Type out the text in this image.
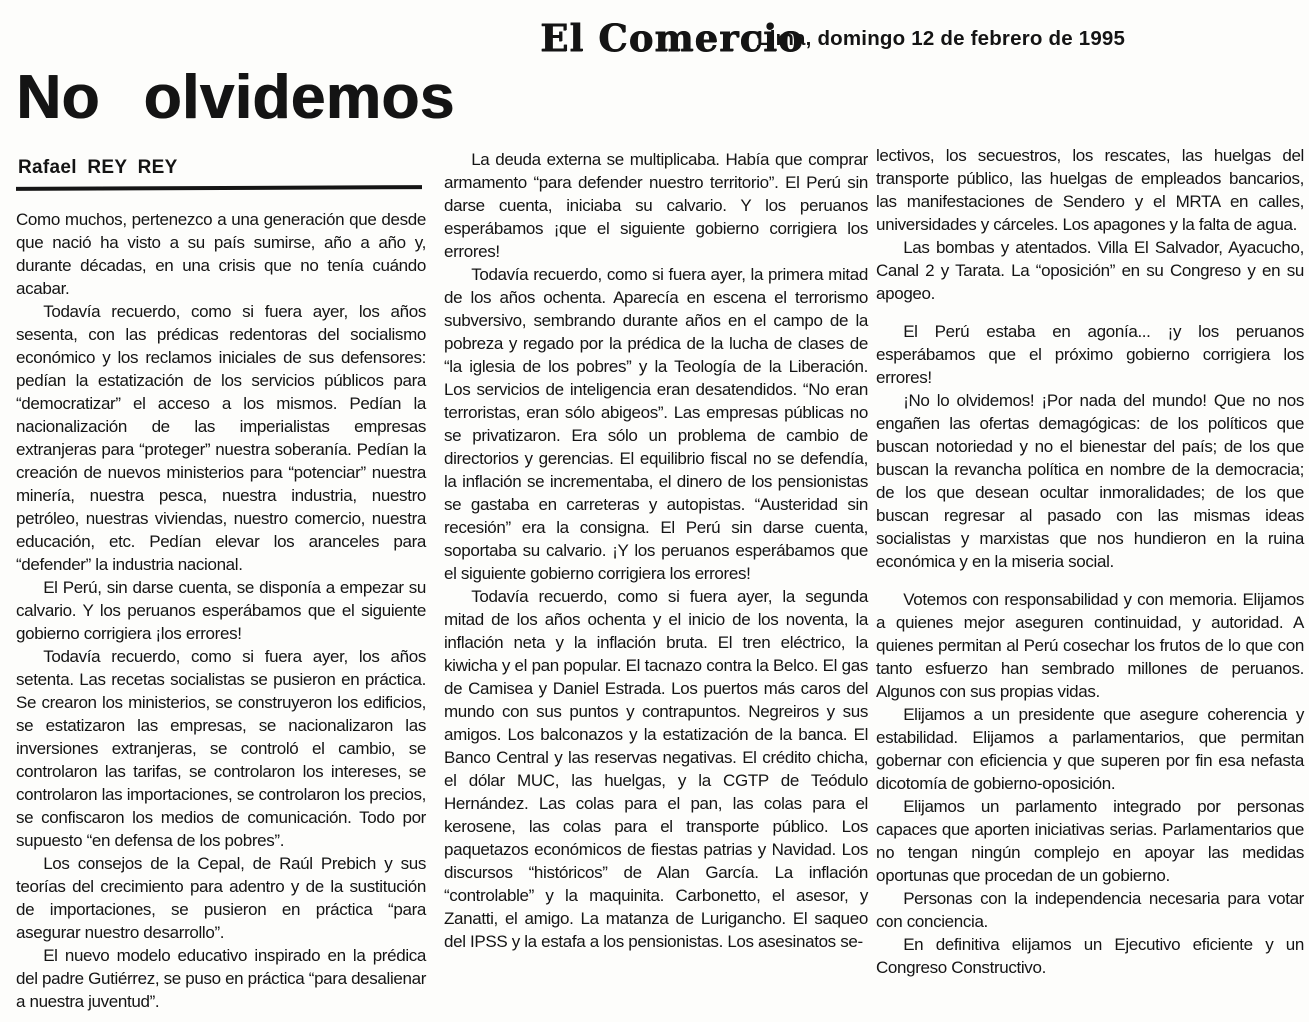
El Comercio
Lima, domingo 12 de febrero de 1995
No olvidemos
Rafael REY REY

Como muchos, pertenezco a una generación que desde que nació ha visto a su país sumirse, año a año y, durante décadas, en una crisis que no tenía cuándo acabar.

Todavía recuerdo, como si fuera ayer, los años sesenta, con las prédicas redentoras del socialismo económico y los reclamos iniciales de sus defensores: pedían la estatización de los servicios públicos para “democratizar” el acceso a los mismos. Pedían la nacionalización de las imperialistas empresas extranjeras para “proteger” nuestra soberanía. Pedían la creación de nuevos ministerios para “potenciar” nuestra minería, nuestra pesca, nuestra industria, nuestro petróleo, nuestras viviendas, nuestro comercio, nuestra educación, etc. Pedían elevar los aranceles para “defender” la industria nacional.

El Perú, sin darse cuenta, se disponía a empezar su calvario. Y los peruanos esperábamos que el siguiente gobierno corrigiera ¡los errores!

Todavía recuerdo, como si fuera ayer, los años setenta. Las recetas socialistas se pusieron en práctica. Se crearon los ministerios, se construyeron los edificios, se estatizaron las empresas, se nacionalizaron las inversiones extranjeras, se controló el cambio, se controlaron las tarifas, se controlaron los intereses, se controlaron las importaciones, se controlaron los precios, se confiscaron los medios de comunicación. Todo por supuesto “en defensa de los pobres”.

Los consejos de la Cepal, de Raúl Prebich y sus teorías del crecimiento para adentro y de la sustitución de importaciones, se pusieron en práctica “para asegurar nuestro desarrollo”.

El nuevo modelo educativo inspirado en la prédica del padre Gutiérrez, se puso en práctica “para desalienar a nuestra juventud”.

La deuda externa se multiplicaba. Había que comprar armamento “para defender nuestro territorio”. El Perú sin darse cuenta, iniciaba su calvario. Y los peruanos esperábamos ¡que el siguiente gobierno corrigiera los errores!

Todavía recuerdo, como si fuera ayer, la primera mitad de los años ochenta. Aparecía en escena el terrorismo subversivo, sembrando durante años en el campo de la pobreza y regado por la prédica de la lucha de clases de “la iglesia de los pobres” y la Teología de la Liberación. Los servicios de inteligencia eran desatendidos. “No eran terroristas, eran sólo abigeos”. Las empresas públicas no se privatizaron. Era sólo un problema de cambio de directorios y gerencias. El equilibrio fiscal no se defendía, la inflación se incrementaba, el dinero de los pensionistas se gastaba en carreteras y autopistas. “Austeridad sin recesión” era la consigna. El Perú sin darse cuenta, soportaba su calvario. ¡Y los peruanos esperábamos que el siguiente gobierno corrigiera los errores!

Todavía recuerdo, como si fuera ayer, la segunda mitad de los años ochenta y el inicio de los noventa, la inflación neta y la inflación bruta. El tren eléctrico, la kiwicha y el pan popular. El tacnazo contra la Belco. El gas de Camisea y Daniel Estrada. Los puertos más caros del mundo con sus puntos y contrapuntos. Negreiros y sus amigos. Los balconazos y la estatización de la banca. El Banco Central y las reservas negativas. El crédito chicha, el dólar MUC, las huelgas, y la CGTP de Teódulo Hernández. Las colas para el pan, las colas para el kerosene, las colas para el transporte público. Los paquetazos económicos de fiestas patrias y Navidad. Los discursos “históricos” de Alan García. La inflación “controlable” y la maquinita. Carbonetto, el asesor, y Zanatti, el amigo. La matanza de Lurigancho. El saqueo del IPSS y la estafa a los pensionistas. Los asesinatos se-

lectivos, los secuestros, los rescates, las huelgas del transporte público, las huelgas de empleados bancarios, las manifestaciones de Sendero y el MRTA en calles, universidades y cárceles. Los apagones y la falta de agua.

Las bombas y atentados. Villa El Salvador, Ayacucho, Canal 2 y Tarata. La “oposición” en su Congreso y en su apogeo.

El Perú estaba en agonía... ¡y los peruanos esperábamos que el próximo gobierno corrigiera los errores!

¡No lo olvidemos! ¡Por nada del mundo! Que no nos engañen las ofertas demagógicas: de los políticos que buscan notoriedad y no el bienestar del país; de los que buscan la revancha política en nombre de la democracia; de los que desean ocultar inmoralidades; de los que buscan regresar al pasado con las mismas ideas socialistas y marxistas que nos hundieron en la ruina económica y en la miseria social.

Votemos con responsabilidad y con memoria. Elijamos a quienes mejor aseguren continuidad, y autoridad. A quienes permitan al Perú cosechar los frutos de lo que con tanto esfuerzo han sembrado millones de peruanos. Algunos con sus propias vidas.

Elijamos a un presidente que asegure coherencia y estabilidad. Elijamos a parlamentarios, que permitan gobernar con eficiencia y que superen por fin esa nefasta dicotomía de gobierno-oposición.

Elijamos un parlamento integrado por personas capaces que aporten iniciativas serias. Parlamentarios que no tengan ningún complejo en apoyar las medidas oportunas que procedan de un gobierno.

Personas con la independencia necesaria para votar con conciencia.

En definitiva elijamos un Ejecutivo eficiente y un Congreso Constructivo.
